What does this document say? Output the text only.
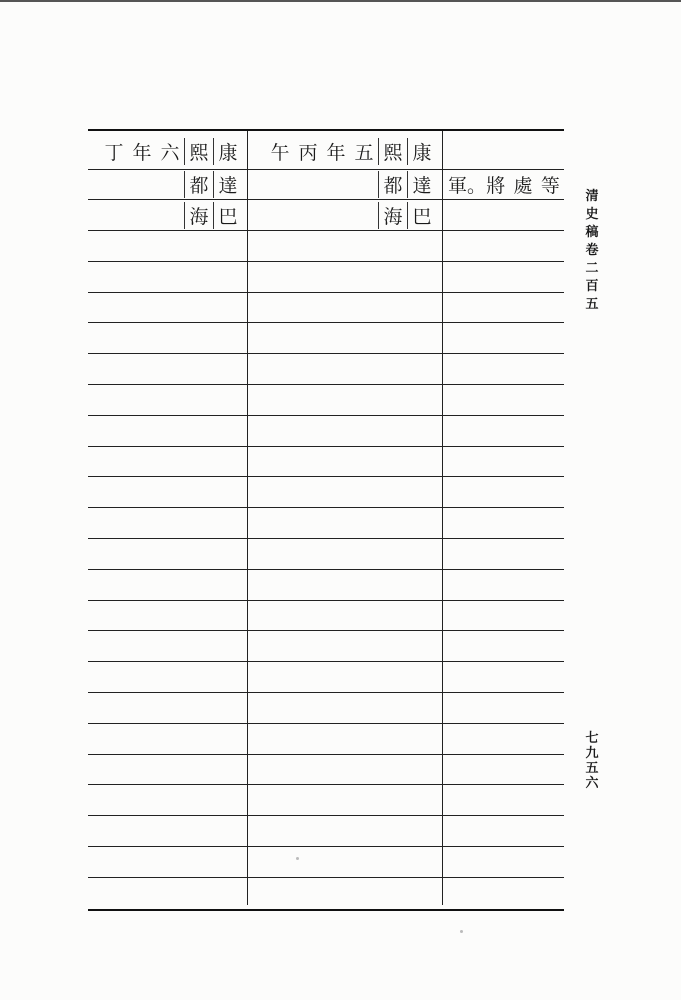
丁 年 六 熙 康 午 丙 年 五 熙 康
都 達	都 達 軍。 將 處 等
海 巴	海 巴
清
史
稿
卷
二
百
五
七
九
五
六
